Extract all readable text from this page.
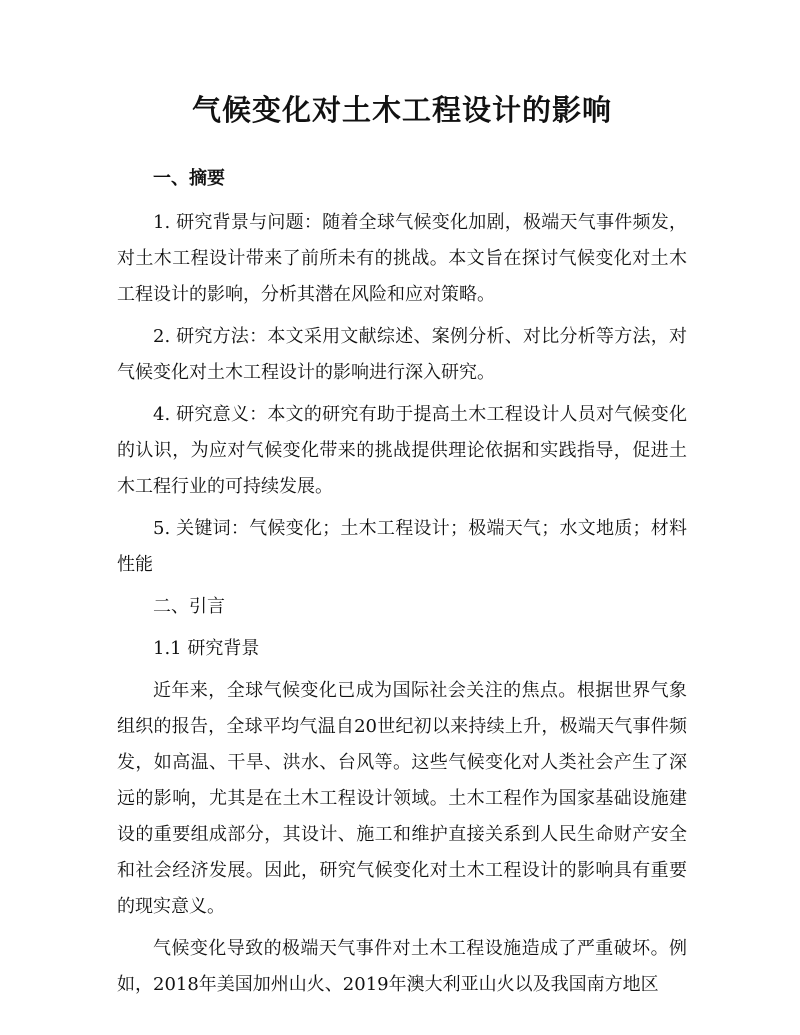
气候变化对土木工程设计的影响
一、摘要

1. 研究背景与问题：随着全球气候变化加剧，极端天气事件频发，对土木工程设计带来了前所未有的挑战。本文旨在探讨气候变化对土木工程设计的影响，分析其潜在风险和应对策略。

2. 研究方法：本文采用文献综述、案例分析、对比分析等方法，对气候变化对土木工程设计的影响进行深入研究。

4. 研究意义：本文的研究有助于提高土木工程设计人员对气候变化的认识，为应对气候变化带来的挑战提供理论依据和实践指导，促进土木工程行业的可持续发展。

5. 关键词：气候变化；土木工程设计；极端天气；水文地质；材料性能

二、引言
1.1 研究背景

近年来，全球气候变化已成为国际社会关注的焦点。根据世界气象组织的报告，全球平均气温自20世纪初以来持续上升，极端天气事件频发，如高温、干旱、洪水、台风等。这些气候变化对人类社会产生了深远的影响，尤其是在土木工程设计领域。土木工程作为国家基础设施建设的重要组成部分，其设计、施工和维护直接关系到人民生命财产安全和社会经济发展。因此，研究气候变化对土木工程设计的影响具有重要的现实意义。

气候变化导致的极端天气事件对土木工程设施造成了严重破坏。例如，2018年美国加州山火、2019年澳大利亚山火以及我国南方地区
